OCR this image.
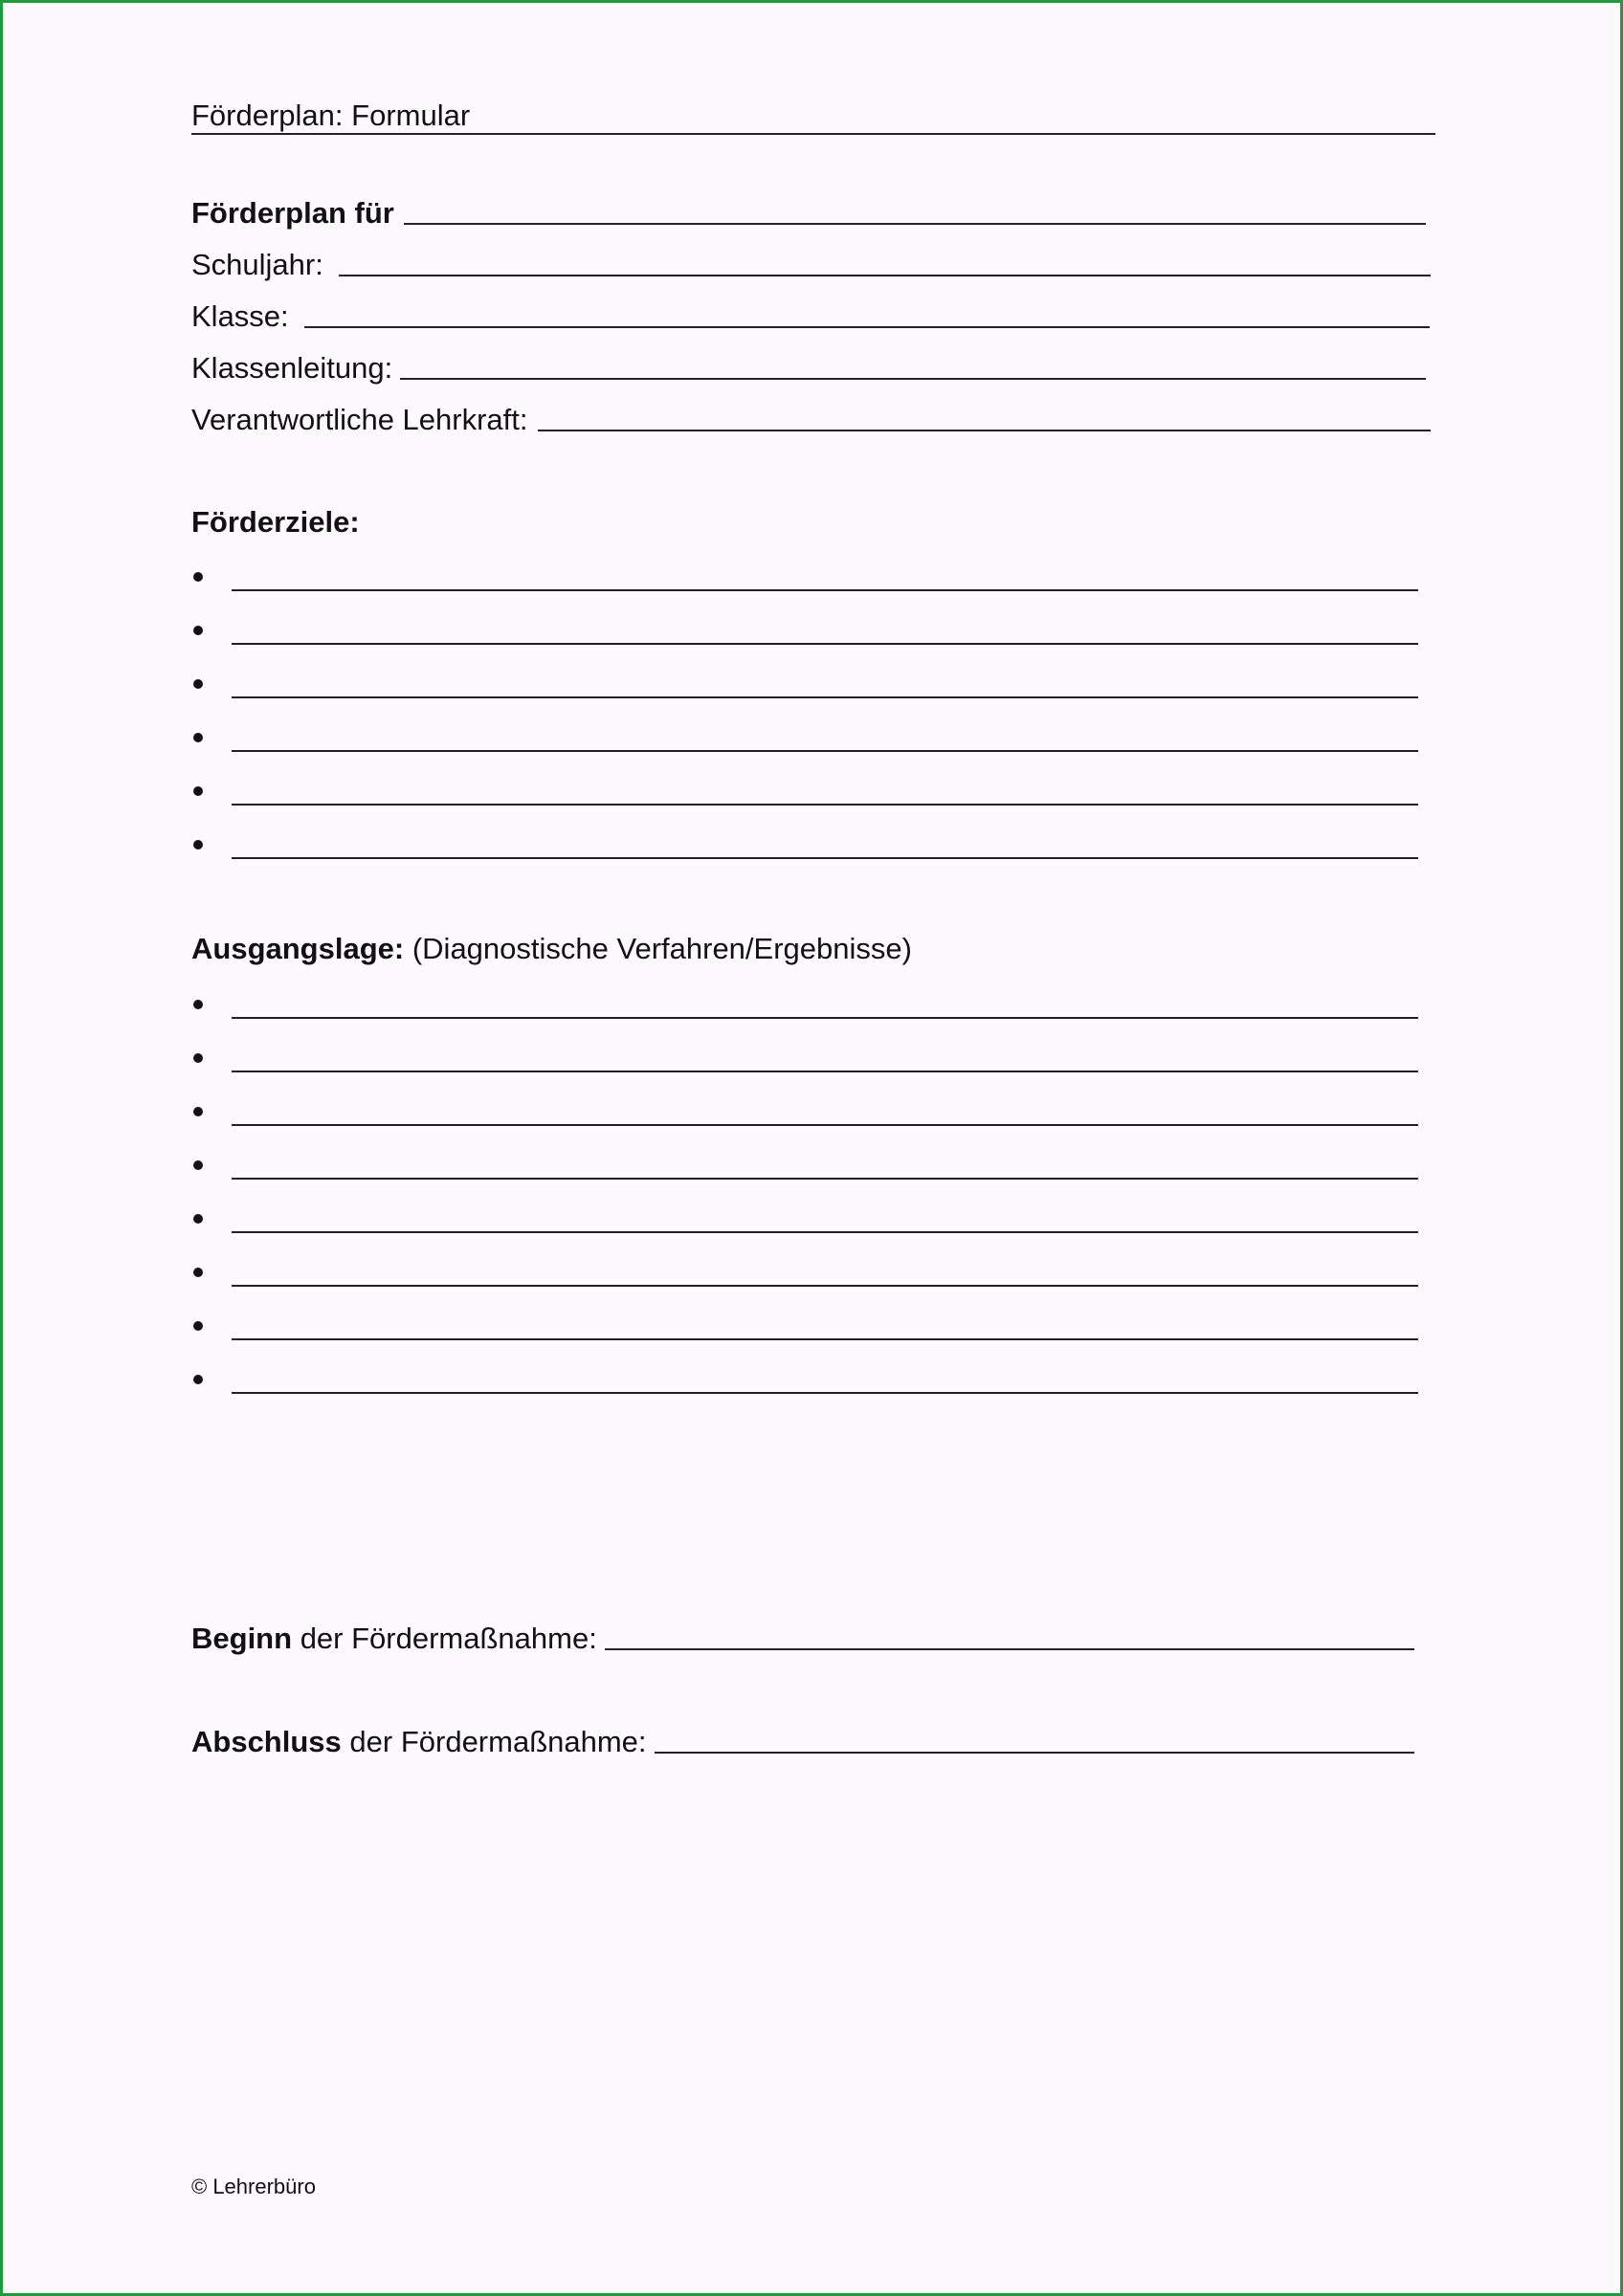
Förderplan: Formular
Förderplan für
Schuljahr:
Klasse:
Klassenleitung:
Verantwortliche Lehrkraft:
Förderziele:
Ausgangslage: (Diagnostische Verfahren/Ergebnisse)
Beginn der Fördermaßnahme:
Abschluss der Fördermaßnahme:
© Lehrerbüro
